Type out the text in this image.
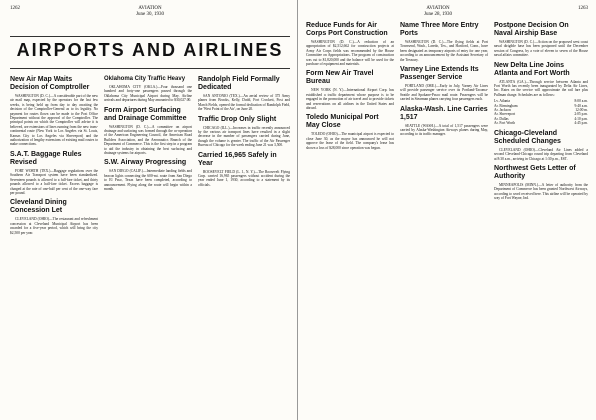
1262	AVIATION
June 30, 1930
AIRPORTS AND AIRLINES
New Air Map Waits Decision of Comptroller

WASHINGTON (D. C.)—A considerable part of the new air mail map, expected by the operators for the last few weeks, is being held up from day to day awaiting the decision of the Comptroller-General as to its legality. No payment for routes flown can be made to the Post Office Department without the approval of the Comptroller. The principal points on which the Comptroller will advise it is believed, are extensions of lines running from the new trans-continental route (New York to Los Angeles via St. Louis, Kansas City to Los Angeles via Shreveport) and the authorization of lengthy extensions of existing mail routes to make connections.

S.A.T. Baggage Rules Revised

FORT WORTH (TEX.)—Baggage regulations over the Southern Air Transport system have been standardized. Seventeen pounds is allowed to a full-fare ticket, and thirty pounds allowed to a half-fare ticket. Excess baggage is charged at the rate of one-half per cent of the one-way fare per pound.

Cleveland Dining Concession Let

CLEVELAND (OHIO)—The restaurant and refreshment concession at Cleveland Municipal Airport has been awarded for a five-year period, which will bring the city $2,500 per year.

Oklahoma City Traffic Heavy

OKLAHOMA CITY (OKLA.)—Four thousand one hundred and forty-one passengers passed through the Oklahoma City Municipal Airport during May. Airline arrivals and departures during May amounted to $30,027.00.

Form Airport Surfacing and Drainage Committee

WASHINGTON (D. C.)—A committee on airport drainage and surfacing was formed through the co-operation of the American Engineering Council, the American Road Builders Association, and the Aeronautics Branch of the Department of Commerce. This is the first step in a program to aid the industry in obtaining the best surfacing and drainage systems for airports.

S.W. Airway Progressing

SAN DIEGO (CALIF.)—Intermediate landing fields and beacon lights connecting the 600-mi. route from San Diego to El Paso, Texas have been completed, according to announcement. Flying along the route will begin within a month.

Randolph Field Formally Dedicated

SAN ANTONIO (TEX.)—An aerial review of 375 Army planes from Brooks, Kelly, Dodd, Fort Crockett, Post and March Fields, opened the formal dedication of Randolph Field, the 'West Point of the Air', on June 20.

Traffic Drop Only Slight

CHICAGO (ILL.)—Increases in traffic recently announced by the various air transport lines have resulted in a slight decrease in the number of passengers carried during June, though the volume is greater. The traffic of the Air Passenger Bureau of Chicago for the week ending June 21 was 3,500.

Carried 16,965 Safely in Year

ROOSEVELT FIELD (L. I., N. Y.)—The Roosevelt Flying Corp. carried 16,965 passengers without accident during the year ended June 1, 1930, according to a statement by its officials.

AVIATION
June 28, 1930
1263
Reduce Funds for Air Corps Port Construction

WASHINGTON (D. C.)—A reduction of an appropriation of $2,512,662 for construction projects at Army Air Corps fields was recommended by the House Committee on Appropriations. The program of construction was cut to $1,820,000 and the balance will be used for the purchase of equipment and materials.

Form New Air Travel Bureau

NEW YORK (N. Y.)—International Airport Corp. has established a traffic department whose purpose is to be engaged in the promotion of air travel and to provide tickets and reservations on all airlines in the United States and abroad.

Toledo Municipal Port May Close

TOLEDO (OHIO)—The municipal airport is expected to close June 30, as the mayor has announced he will not approve the lease of the field. The company's lease has shown a loss of $28,000 since operation was begun.

Name Three More Entry Ports

WASHINGTON (D. C.)—The flying fields at Port Townsend, Wash., Laredo, Tex., and Hartford, Conn., have been designated as temporary airports of entry for one year, according to an announcement by the Assistant Secretary of the Treasury.

Varney Line Extends Its Passenger Service

PORTLAND (ORE.)—Early in July, Varney Air Lines will provide passenger service over its Portland-Tacoma-Seattle and Spokane-Pasco mail route. Passengers will be carried in Stearman planes carrying four passengers each.

Alaska-Wash. Line Carries 1,517

SEATTLE (WASH.)—A total of 1,517 passengers were carried by Alaska-Washington Airways planes during May, according to its traffic manager.

Postpone Decision On Naval Airship Base

WASHINGTON (D. C.)—Action on the proposed west coast naval dirigible base has been postponed until the December session of Congress, by a vote of eleven to seven of the House naval affairs committee.

New Delta Line Joins Atlanta and Fort Worth

ATLANTA (GA.)—Through service between Atlanta and Fort Worth has recently been inaugurated by Delta Air Lines, Inc. Rates on the service will approximate the rail fare plus Pullman charge. Schedules are as follows:

Lv. Atlanta	8:00 a.m.
Ar. Birmingham	9:40 a.m.
Ar. Jackson	12:00 m.
Ar. Shreveport	2:05 p.m.
Ar. Dallas	4:10 p.m.
Ar. Fort Worth	4:45 p.m.
Chicago-Cleveland Scheduled Changes

CLEVELAND (OHIO)—Cleveland Air Lines added a second Cleveland-Chicago round trip departing from Cleveland at 8:30 a.m., arriving in Chicago at 1:30 p.m., EST.

Northwest Gets Letter of Authority

MINNEAPOLIS (MINN.)—A letter of authority from the Department of Commerce has been granted Northwest Airways, according to word received here. This airline will be operated by way of Fort Wayne, Ind.
